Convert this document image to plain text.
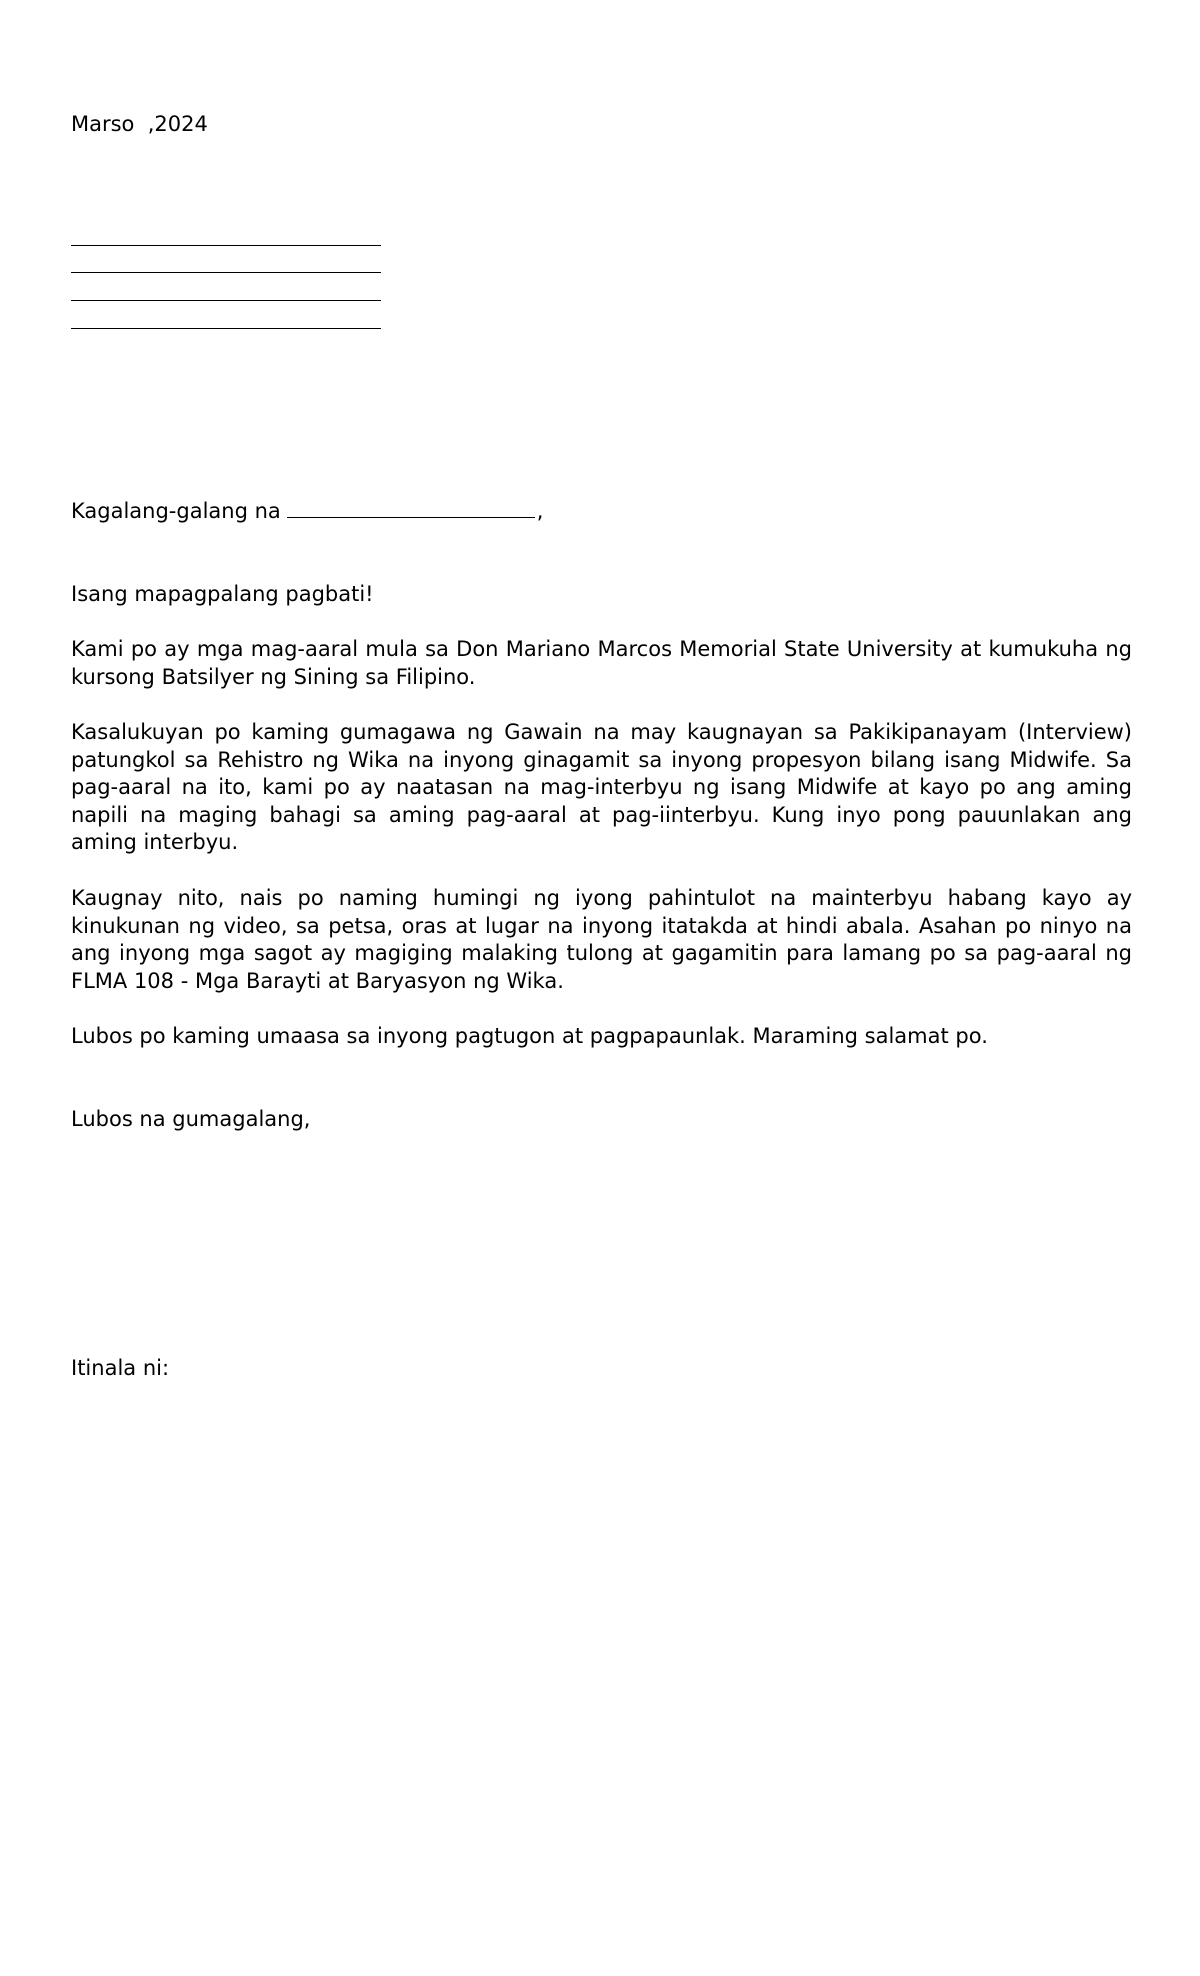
Marso  ,2024
Kagalang-galang na	,
Isang mapagpalang pagbati!
Kami po ay mga mag-aaral mula sa Don Mariano Marcos Memorial State University at kumukuha ng kursong Batsilyer ng Sining sa Filipino.
Kasalukuyan po kaming gumagawa ng Gawain na may kaugnayan sa Pakikipanayam (Interview) patungkol sa Rehistro ng Wika na inyong ginagamit sa inyong propesyon bilang isang Midwife. Sa pag-aaral na ito, kami po ay naatasan na mag-interbyu ng isang Midwife at kayo po ang aming napili na maging bahagi sa aming pag-aaral at pag-iinterbyu. Kung inyo pong pauunlakan ang aming interbyu.
Kaugnay nito, nais po naming humingi ng iyong pahintulot na mainterbyu habang kayo ay kinukunan ng video, sa petsa, oras at lugar na inyong itatakda at hindi abala. Asahan po ninyo na ang inyong mga sagot ay magiging malaking tulong at gagamitin para lamang po sa pag-aaral ng FLMA 108 - Mga Barayti at Baryasyon ng Wika.
Lubos po kaming umaasa sa inyong pagtugon at pagpapaunlak. Maraming salamat po.
Lubos na gumagalang,
Itinala ni:
